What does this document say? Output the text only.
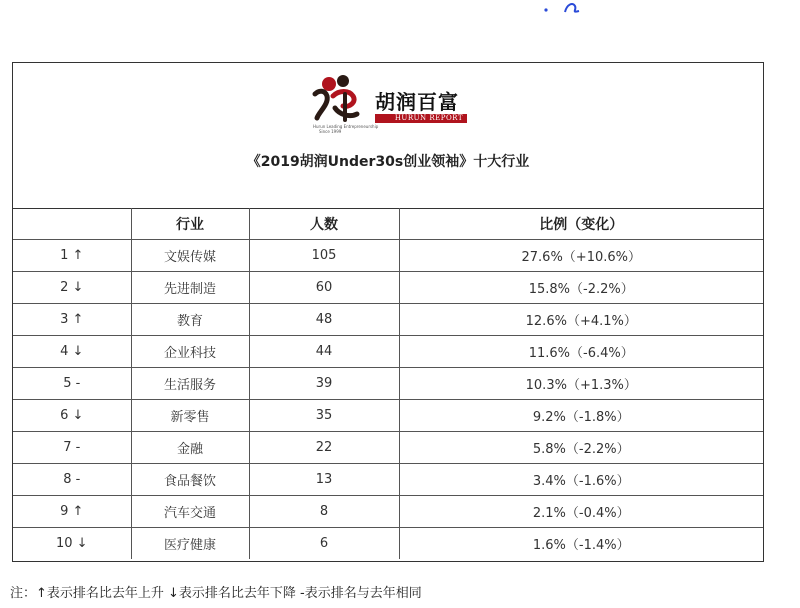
胡润百富
HURUN REPORT
Hurun Leading Entrepreneurship
Since 1999
《2019胡润Under30s创业领袖》十大行业
	行业	人数	比例（变化）
1 ↑	文娱传媒	105	27.6%（+10.6%）
2 ↓	先进制造	60	15.8%（-2.2%）
3 ↑	教育	48	12.6%（+4.1%）
4 ↓	企业科技	44	11.6%（-6.4%）
5 -	生活服务	39	10.3%（+1.3%）
6 ↓	新零售	35	9.2%（-1.8%）
7 -	金融	22	5.8%（-2.2%）
8 -	食品餐饮	13	3.4%（-1.6%）
9 ↑	汽车交通	8	2.1%（-0.4%）
10 ↓	医疗健康	6	1.6%（-1.4%）
注：↑表示排名比去年上升 ↓表示排名比去年下降 -表示排名与去年相同
